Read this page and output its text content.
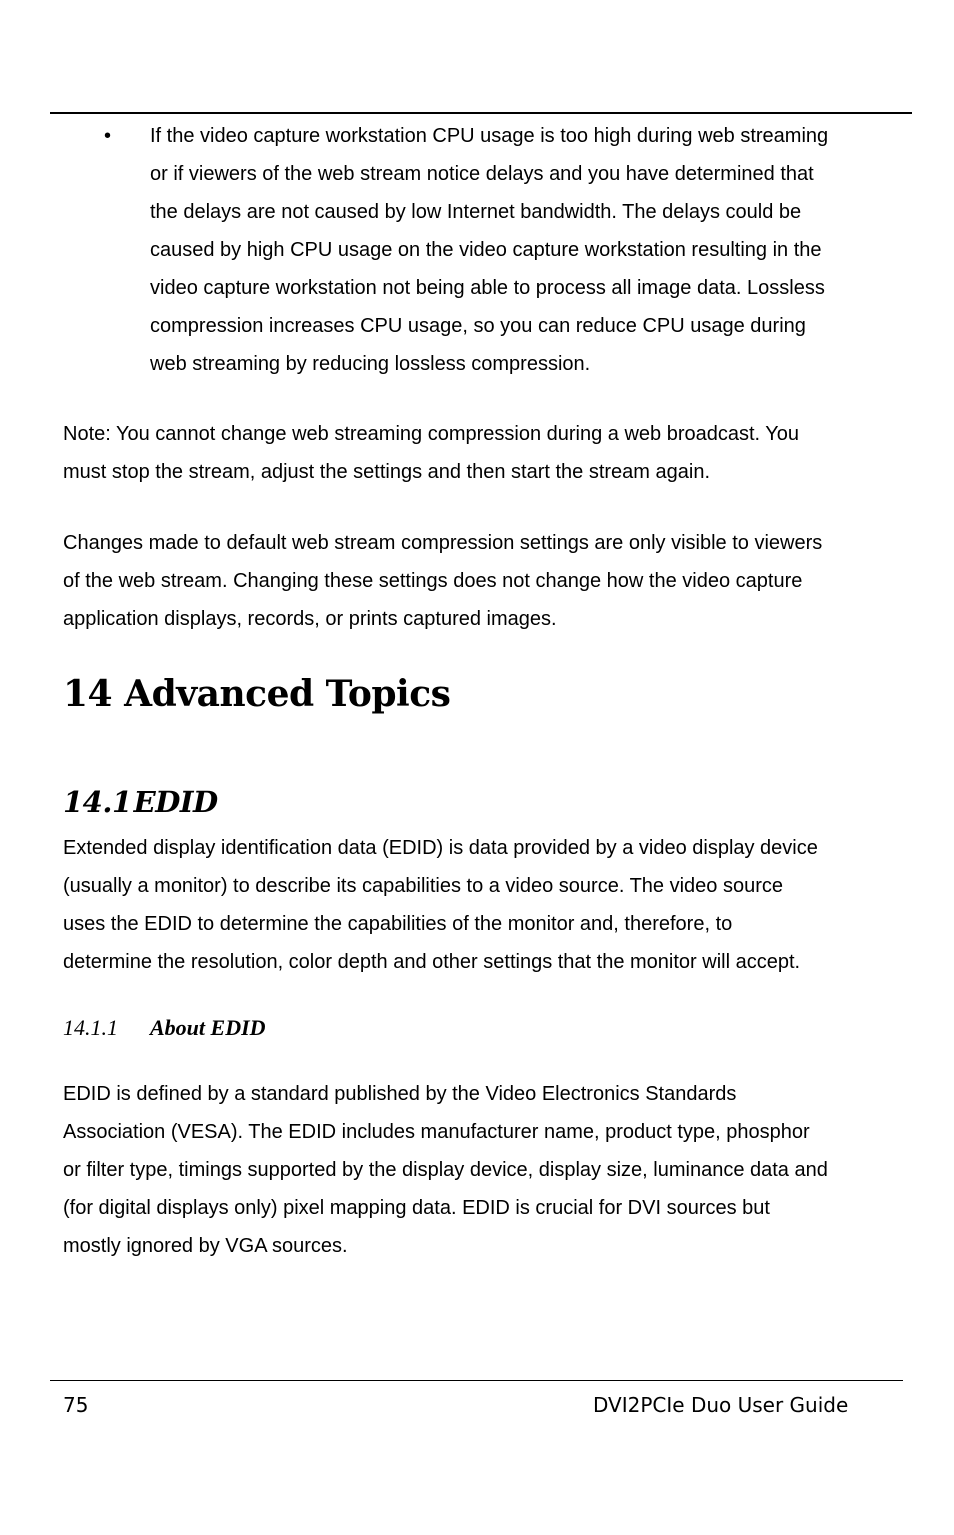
• If the video capture workstation CPU usage is too high during web streaming
or if viewers of the web stream notice delays and you have determined that
the delays are not caused by low Internet bandwidth. The delays could be
caused by high CPU usage on the video capture workstation resulting in the
video capture workstation not being able to process all image data. Lossless
compression increases CPU usage, so you can reduce CPU usage during
web streaming by reducing lossless compression.
Note: You cannot change web streaming compression during a web broadcast. You
must stop the stream, adjust the settings and then start the stream again.
Changes made to default web stream compression settings are only visible to viewers
of the web stream. Changing these settings does not change how the video capture
application displays, records, or prints captured images.
14 Advanced Topics
14.1EDID
Extended display identification data (EDID) is data provided by a video display device
(usually a monitor) to describe its capabilities to a video source. The video source
uses the EDID to determine the capabilities of the monitor and, therefore, to
determine the resolution, color depth and other settings that the monitor will accept.
14.1.1 About EDID
EDID is defined by a standard published by the Video Electronics Standards
Association (VESA). The EDID includes manufacturer name, product type, phosphor
or filter type, timings supported by the display device, display size, luminance data and
(for digital displays only) pixel mapping data. EDID is crucial for DVI sources but
mostly ignored by VGA sources.
75	DVI2PCIe Duo User Guide
